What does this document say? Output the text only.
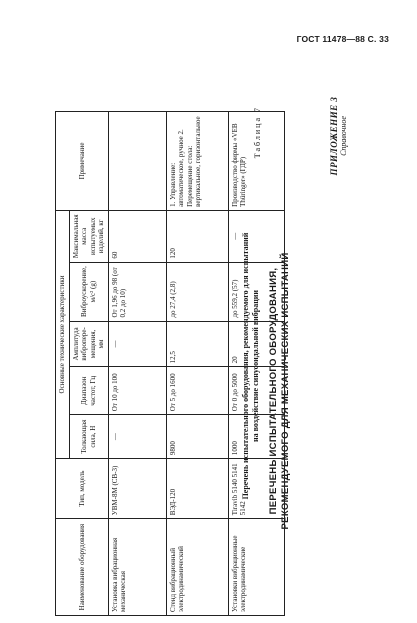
ГОСТ 11478—88 С. 33
ПРИЛОЖЕНИЕ 3 Справочное
ПЕРЕЧЕНЬ ИСПЫТАТЕЛЬНОГО ОБОРУДОВАНИЯ, РЕКОМЕНДУЕМОГО ДЛЯ МЕХАНИЧЕСКИХ ИСПЫТАНИЙ
Таблица 7
Перечень испытательного оборудования, рекомендуемого для испытаний на воздействие синусоидальной вибрации
Наименование оборудования	Тип, модель	Основные технические характеристики					Примечание
		Толкающая сила, Н	Диапазон частот, Гц	Амплитуда вибропере-мещения, мм	Виброускорение, м/с² (g)	Максимальная масса испытуемых изделий, кг	
Установка вибрационная механическая	УВМ-8М (СВ-3)	—	От 10 до 100	—	От 1,96 до 98 (от 0,2 до 10)	60	
Стенд вибрационный электродинамический	ВЭД-120	9800	От 5 до 1600	12,5	до 27,4 (2,8)	120	1. Управление: автоматическое, ручное 2. Перемещение стола: вертикальное, горизонтальное
Установки вибрационные электродинамические	Tiravib 5140 5141 5142	1000	От 0 до 5000	20	до 559,2 (57)	—	Производство фирмы «VEB Thüringer» (ГДР)
